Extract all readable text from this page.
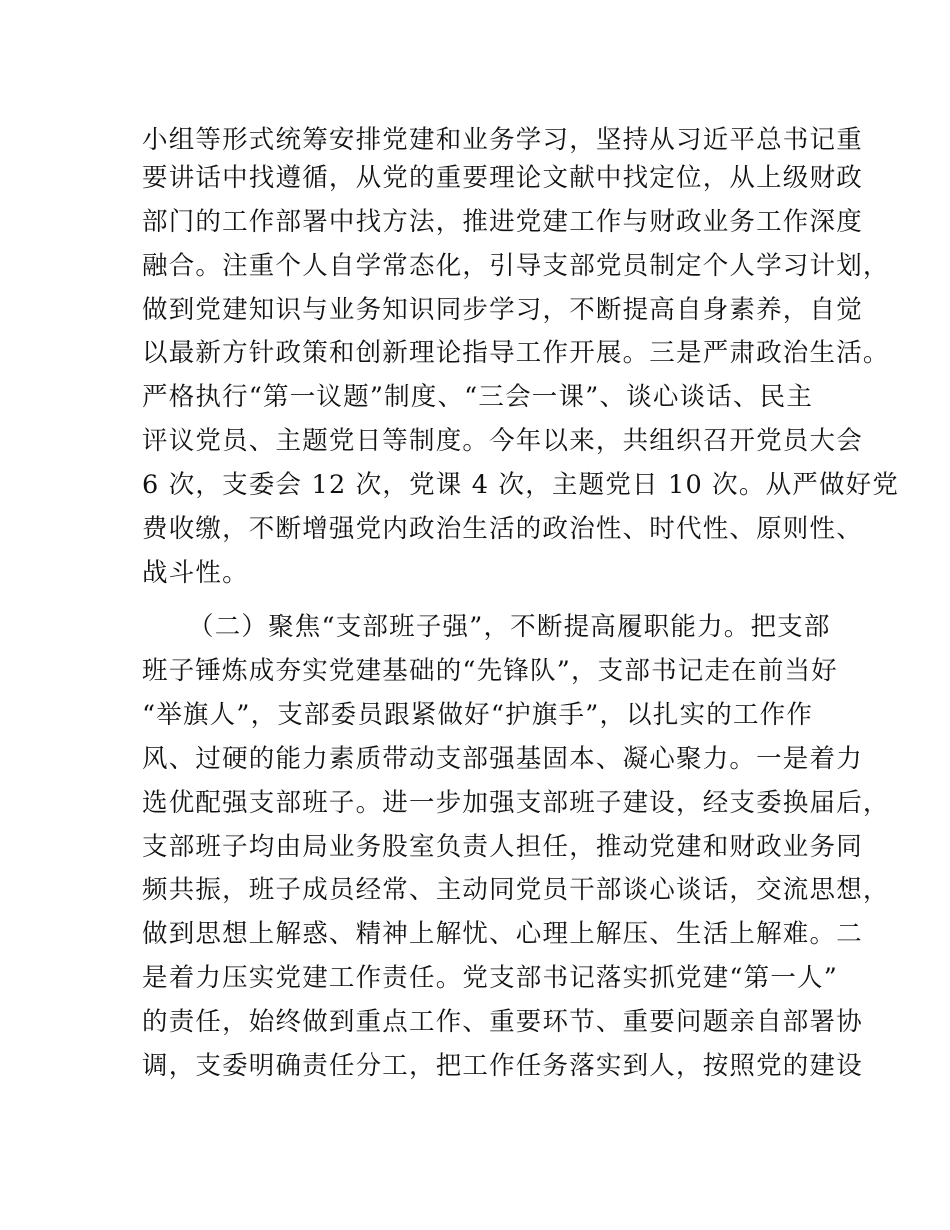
小组等形式统筹安排党建和业务学习，坚持从习近平总书记重
要讲话中找遵循，从党的重要理论文献中找定位，从上级财政
部门的工作部署中找方法，推进党建工作与财政业务工作深度
融合。注重个人自学常态化，引导支部党员制定个人学习计划，
做到党建知识与业务知识同步学习，不断提高自身素养，自觉
以最新方针政策和创新理论指导工作开展。三是严肃政治生活。
严格执行“第一议题”制度、“三会一课”、谈心谈话、民主
评议党员、主题党日等制度。今年以来，共组织召开党员大会
6 次，支委会 12 次，党课 4 次，主题党日 10 次。从严做好党
费收缴，不断增强党内政治生活的政治性、时代性、原则性、
战斗性。
（二）聚焦“支部班子强”，不断提高履职能力。把支部
班子锤炼成夯实党建基础的“先锋队”，支部书记走在前当好
“举旗人”，支部委员跟紧做好“护旗手”，以扎实的工作作
风、过硬的能力素质带动支部强基固本、凝心聚力。一是着力
选优配强支部班子。进一步加强支部班子建设，经支委换届后，
支部班子均由局业务股室负责人担任，推动党建和财政业务同
频共振，班子成员经常、主动同党员干部谈心谈话，交流思想，
做到思想上解惑、精神上解忧、心理上解压、生活上解难。二
是着力压实党建工作责任。党支部书记落实抓党建“第一人”
的责任，始终做到重点工作、重要环节、重要问题亲自部署协
调，支委明确责任分工，把工作任务落实到人，按照党的建设
